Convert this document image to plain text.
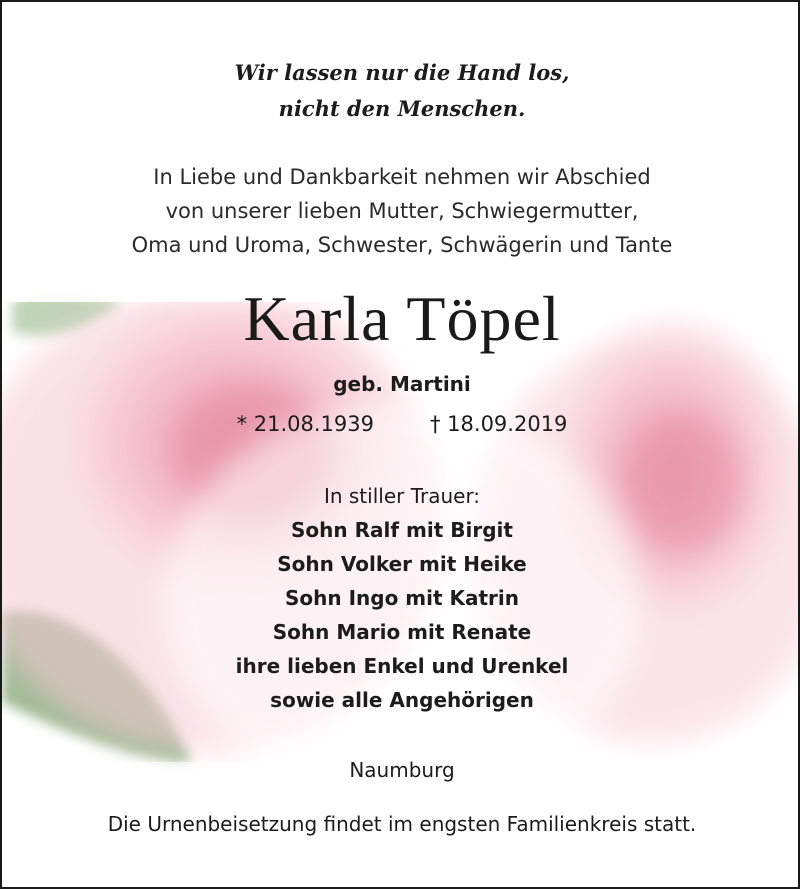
Wir lassen nur die Hand los,
nicht den Menschen.
In Liebe und Dankbarkeit nehmen wir Abschied
von unserer lieben Mutter, Schwiegermutter,
Oma und Uroma, Schwester, Schwägerin und Tante
Karla Töpel
geb. Martini
* 21.08.1939	† 18.09.2019
In stiller Trauer:
Sohn Ralf mit Birgit
Sohn Volker mit Heike
Sohn Ingo mit Katrin
Sohn Mario mit Renate
ihre lieben Enkel und Urenkel
sowie alle Angehörigen
Naumburg
Die Urnenbeisetzung findet im engsten Familienkreis statt.
